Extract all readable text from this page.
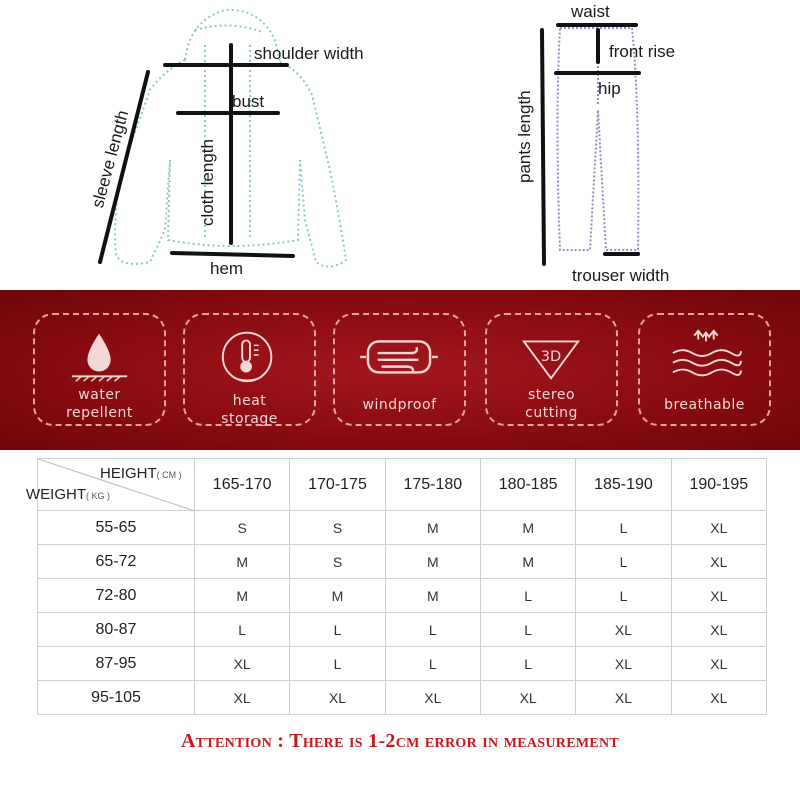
shoulder width
bust
sleeve length	cloth length
hem
waist
front rise
hip
pants length
trouser width
water
repellent
heat
storage
windproof
3D
stereo
cutting	breathable
HEIGHT( CM )
WEIGHT( KG )	165-170	170-175	175-180	180-185	185-190	190-195
55-65	S	S	M	M	L	XL
65-72	M	S	M	M	L	XL
72-80	M	M	M	L	L	XL
80-87	L	L	L	L	XL	XL
87-95	XL	L	L	L	XL	XL
95-105	XL	XL	XL	XL	XL	XL
Attention : There is 1-2cm error in measurement
